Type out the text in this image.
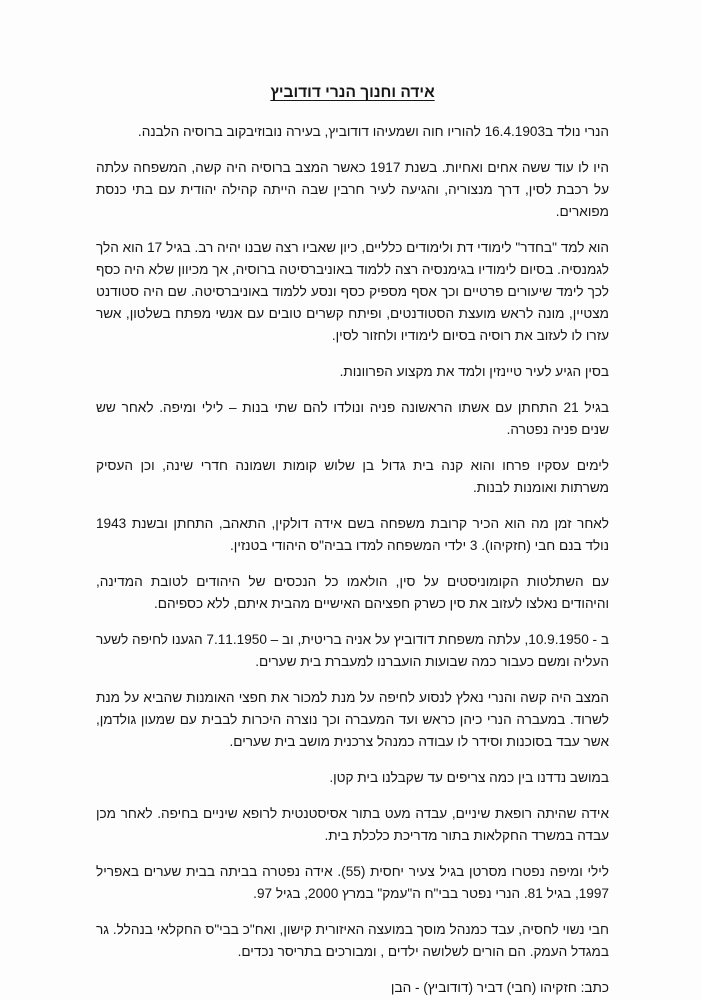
אידה וחנוך הנרי דודוביץ

הנרי נולד ב16.4.1903 להוריו חוה ושמעיהו דודוביץ, בעירה נובוזיבקוב ברוסיה הלבנה.

היו לו עוד ששה אחים ואחיות. בשנת 1917 כאשר המצב ברוסיה היה קשה, המשפחה עלתה על רכבת לסין, דרך מנצוריה, והגיעה לעיר חרבין שבה הייתה קהילה יהודית עם בתי כנסת מפוארים.

הוא למד "בחדר" לימודי דת ולימודים כלליים, כיון שאביו רצה שבנו יהיה רב. בגיל 17 הוא הלך לגמנסיה. בסיום לימודיו בגימנסיה רצה ללמוד באוניברסיטה ברוסיה, אך מכיוון שלא היה כסף לכך לימד שיעורים פרטיים וכך אסף מספיק כסף ונסע ללמוד באוניברסיטה. שם היה סטודנט מצטיין, מונה לראש מועצת הסטודנטים, ופיתח קשרים טובים עם אנשי מפתח בשלטון, אשר עזרו לו לעזוב את רוסיה בסיום לימודיו ולחזור לסין.

בסין הגיע לעיר טיינזין ולמד את מקצוע הפרוונות.

בגיל 21 התחתן עם אשתו הראשונה פניה ונולדו להם שתי בנות – לילי ומיפה. לאחר שש שנים פניה נפטרה.

לימים עסקיו פרחו והוא קנה בית גדול בן שלוש קומות ושמונה חדרי שינה, וכן העסיק משרתות ואומנות לבנות.

לאחר זמן מה הוא הכיר קרובת משפחה בשם אידה דולקין, התאהב, התחתן ובשנת 1943 נולד בנם חבי (חזקיהו). 3 ילדי המשפחה למדו בביה"ס היהודי בטנזין.

עם השתלטות הקומוניסטים על סין, הולאמו כל הנכסים של היהודים לטובת המדינה, והיהודים נאלצו לעזוב את סין כשרק חפציהם האישיים מהבית איתם, ללא כספיהם.

ב - 10.9.1950, עלתה משפחת דודוביץ על אניה בריטית, וב – 7.11.1950 הגענו לחיפה לשער העליה ומשם כעבור כמה שבועות הועברנו למעברת בית שערים.

המצב היה קשה והנרי נאלץ לנסוע לחיפה על מנת למכור את חפצי האומנות שהביא על מנת לשרוד. במעברה הנרי כיהן כראש ועד המעברה וכך נוצרה היכרות לבבית עם שמעון גולדמן, אשר עבד בסוכנות וסידר לו עבודה כמנהל צרכנית מושב בית שערים.

במושב נדדנו בין כמה צריפים עד שקבלנו בית קטן.

אידה שהיתה רופאת שיניים, עבדה מעט בתור אסיסטנטית לרופא שיניים בחיפה. לאחר מכן עבדה במשרד החקלאות בתור מדריכת כלכלת בית.

לילי ומיפה נפטרו מסרטן בגיל צעיר יחסית (55). אידה נפטרה בביתה בבית שערים באפריל 1997, בגיל 81. הנרי נפטר בבי"ח ה"עמק" במרץ 2000, בגיל 97.

חבי נשוי לחסיה, עבד כמנהל מוסך במועצה האיזורית קישון, ואח"כ בבי"ס החקלאי בנהלל. גר במגדל העמק. הם הורים לשלושה ילדים , ומבורכים בתריסר נכדים.

כתב: חזקיהו (חבי) דביר (דודוביץ) - הבן
